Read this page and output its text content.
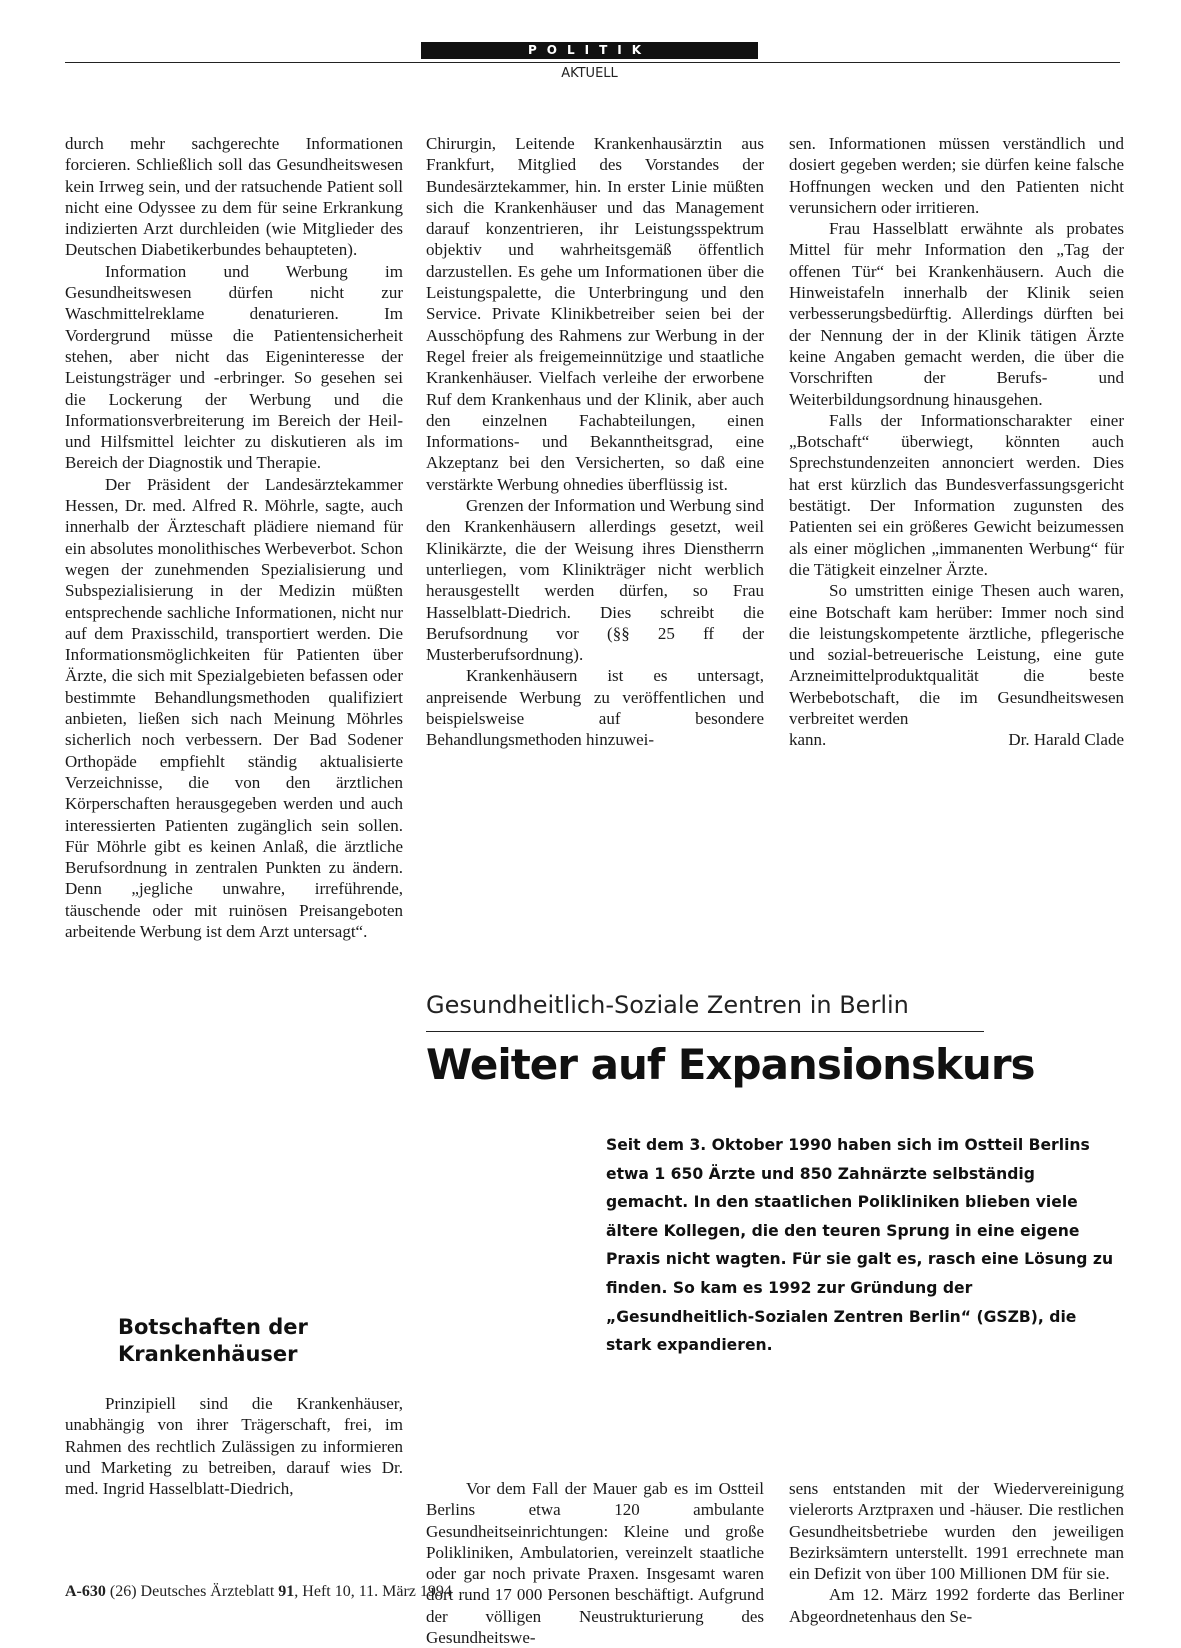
POLITIK
AKTUELL

durch mehr sachgerechte Informationen forcieren. Schließlich soll das Gesundheitswesen kein Irrweg sein, und der ratsuchende Patient soll nicht eine Odyssee zu dem für seine Erkrankung indizierten Arzt durchleiden (wie Mitglieder des Deutschen Diabetikerbundes behaupteten).

Information und Werbung im Gesundheitswesen dürfen nicht zur Waschmittelreklame denaturieren. Im Vordergrund müsse die Patientensicherheit stehen, aber nicht das Eigeninteresse der Leistungsträger und -erbringer. So gesehen sei die Lockerung der Werbung und die Informationsverbreiterung im Bereich der Heil- und Hilfsmittel leichter zu diskutieren als im Bereich der Diagnostik und Therapie.

Der Präsident der Landesärztekammer Hessen, Dr. med. Alfred R. Möhrle, sagte, auch innerhalb der Ärzteschaft plädiere niemand für ein absolutes monolithisches Werbeverbot. Schon wegen der zunehmenden Spezialisierung und Subspezialisierung in der Medizin müßten entsprechende sachliche Informationen, nicht nur auf dem Praxisschild, transportiert werden. Die Informationsmöglichkeiten für Patienten über Ärzte, die sich mit Spezialgebieten befassen oder bestimmte Behandlungsmethoden qualifiziert anbieten, ließen sich nach Meinung Möhrles sicherlich noch verbessern. Der Bad Sodener Orthopäde empfiehlt ständig aktualisierte Verzeichnisse, die von den ärztlichen Körperschaften herausgegeben werden und auch interessierten Patienten zugänglich sein sollen. Für Möhrle gibt es keinen Anlaß, die ärztliche Berufsordnung in zentralen Punkten zu ändern. Denn „jegliche unwahre, irreführende, täuschende oder mit ruinösen Preisangeboten arbeitende Werbung ist dem Arzt untersagt“.

Botschaften der Krankenhäuser

Prinzipiell sind die Krankenhäuser, unabhängig von ihrer Trägerschaft, frei, im Rahmen des rechtlich Zulässigen zu informieren und Marketing zu betreiben, darauf wies Dr. med. Ingrid Hasselblatt-Diedrich,

Chirurgin, Leitende Krankenhausärztin aus Frankfurt, Mitglied des Vorstandes der Bundesärztekammer, hin. In erster Linie müßten sich die Krankenhäuser und das Management darauf konzentrieren, ihr Leistungsspektrum objektiv und wahrheitsgemäß öffentlich darzustellen. Es gehe um Informationen über die Leistungspalette, die Unterbringung und den Service. Private Klinikbetreiber seien bei der Ausschöpfung des Rahmens zur Werbung in der Regel freier als freigemeinnützige und staatliche Krankenhäuser. Vielfach verleihe der erworbene Ruf dem Krankenhaus und der Klinik, aber auch den einzelnen Fachabteilungen, einen Informations- und Bekanntheitsgrad, eine Akzeptanz bei den Versicherten, so daß eine verstärkte Werbung ohnedies überflüssig ist.

Grenzen der Information und Werbung sind den Krankenhäusern allerdings gesetzt, weil Klinikärzte, die der Weisung ihres Dienstherrn unterliegen, vom Klinikträger nicht werblich herausgestellt werden dürfen, so Frau Hasselblatt-Diedrich. Dies schreibt die Berufsordnung vor (§§ 25 ff der Musterberufsordnung).

Krankenhäusern ist es untersagt, anpreisende Werbung zu veröffentlichen und beispielsweise auf besondere Behandlungsmethoden hinzuwei-

sen. Informationen müssen verständlich und dosiert gegeben werden; sie dürfen keine falsche Hoffnungen wecken und den Patienten nicht verunsichern oder irritieren.

Frau Hasselblatt erwähnte als probates Mittel für mehr Information den „Tag der offenen Tür“ bei Krankenhäusern. Auch die Hinweistafeln innerhalb der Klinik seien verbesserungsbedürftig. Allerdings dürften bei der Nennung der in der Klinik tätigen Ärzte keine Angaben gemacht werden, die über die Vorschriften der Berufs- und Weiterbildungsordnung hinausgehen.

Falls der Informationscharakter einer „Botschaft“ überwiegt, könnten auch Sprechstundenzeiten annonciert werden. Dies hat erst kürzlich das Bundesverfassungsgericht bestätigt. Der Information zugunsten des Patienten sei ein größeres Gewicht beizumessen als einer möglichen „immanenten Werbung“ für die Tätigkeit einzelner Ärzte.

So umstritten einige Thesen auch waren, eine Botschaft kam herüber: Immer noch sind die leistungskompetente ärztliche, pflegerische und sozial-betreuerische Leistung, eine gute Arzneimittelproduktqualität die beste Werbebotschaft, die im Gesundheitswesen verbreitet werden

kann.	Dr. Harald Clade
Gesundheitlich-Soziale Zentren in Berlin
Weiter auf Expansionskurs
Seit dem 3. Oktober 1990 haben sich im Ostteil Berlins etwa 1 650 Ärzte und 850 Zahnärzte selbständig gemacht. In den staatlichen Polikliniken blieben viele ältere Kollegen, die den teuren Sprung in eine eigene Praxis nicht wagten. Für sie galt es, rasch eine Lösung zu finden. So kam es 1992 zur Gründung der „Gesundheitlich-Sozialen Zentren Berlin“ (GSZB), die stark expandieren.

Vor dem Fall der Mauer gab es im Ostteil Berlins etwa 120 ambulante Gesundheitseinrichtungen: Kleine und große Polikliniken, Ambulatorien, vereinzelt staatliche oder gar noch private Praxen. Insgesamt waren dort rund 17 000 Personen beschäftigt. Aufgrund der völligen Neustrukturierung des Gesundheitswe-

sens entstanden mit der Wiedervereinigung vielerorts Arztpraxen und -häuser. Die restlichen Gesundheitsbetriebe wurden den jeweiligen Bezirksämtern unterstellt. 1991 errechnete man ein Defizit von über 100 Millionen DM für sie.

Am 12. März 1992 forderte das Berliner Abgeordnetenhaus den Se-

A-630 (26) Deutsches Ärzteblatt 91, Heft 10, 11. März 1994
